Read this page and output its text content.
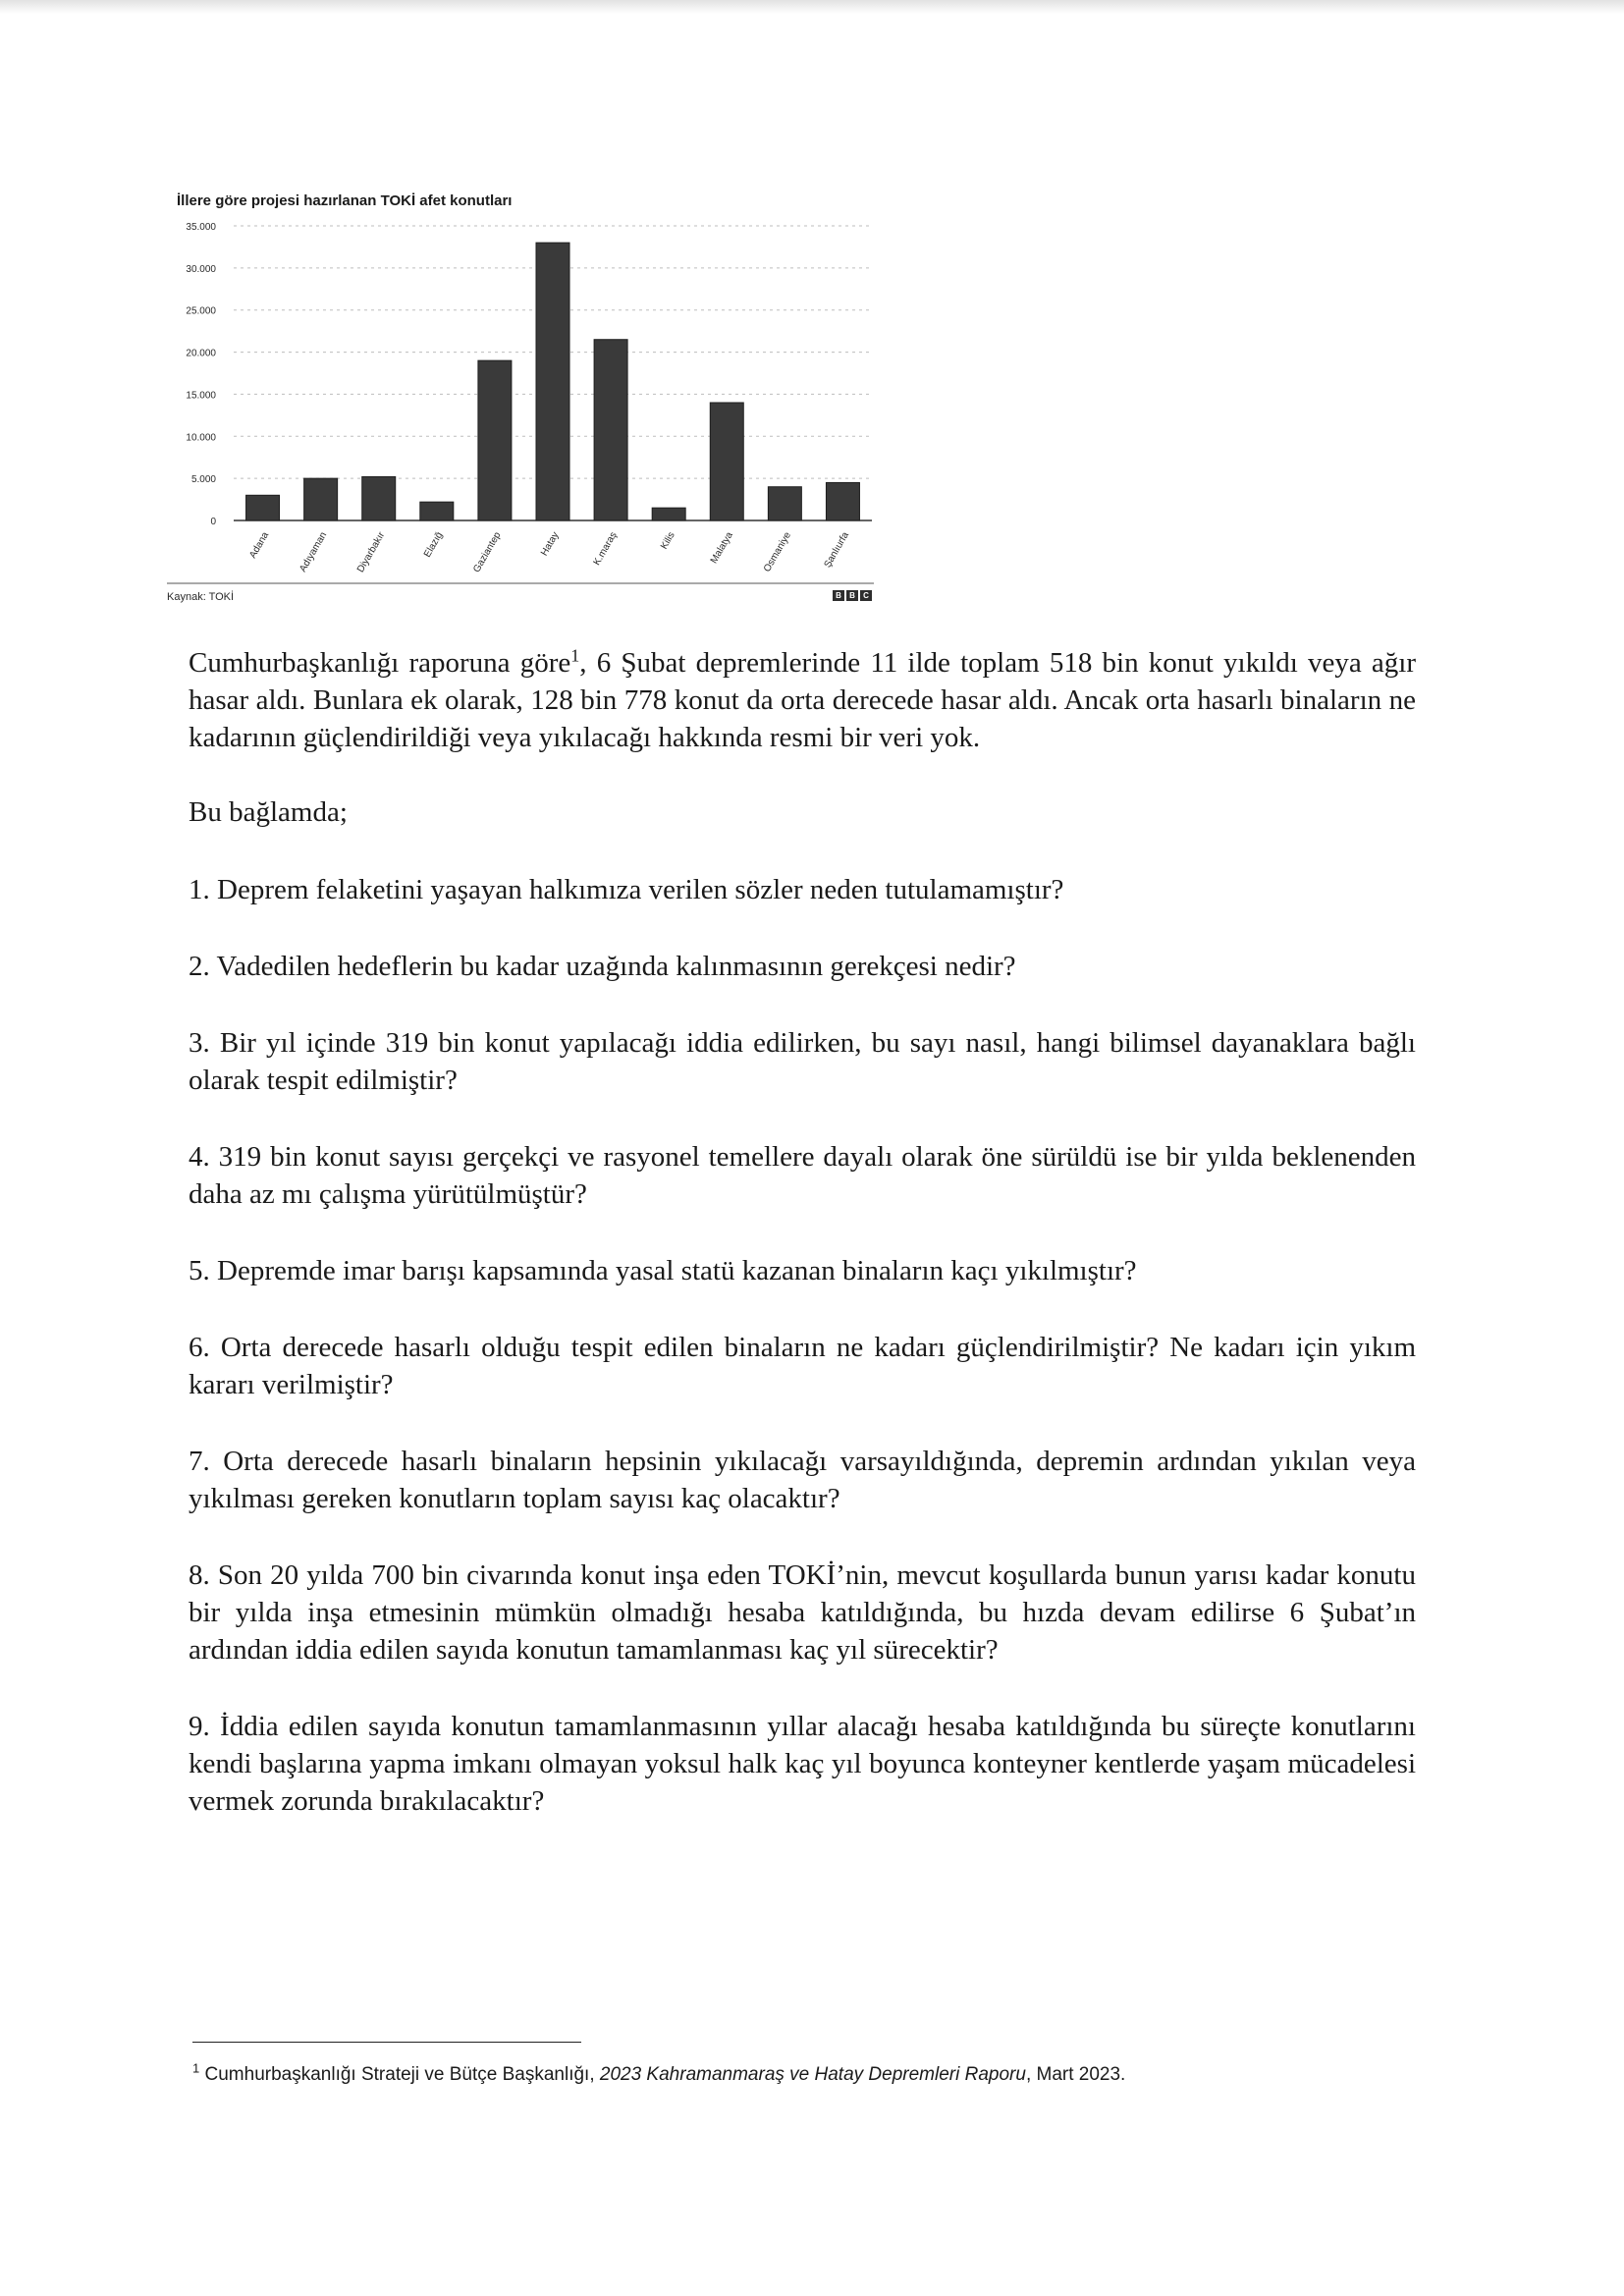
İllere göre projesi hazırlanan TOKİ afet konutları
0
5.000
10.000
15.000
20.000
25.000
30.000
35.000
Adana	Adıyaman	Diyarbakır	Elazığ	Gaziantep	Hatay	K.maraş	Kilis	Malatya	Osmaniye	Şanlıurfa
Kaynak: TOKİ	B	B	C

Cumhurbaşkanlığı raporuna göre$^1$, 6 Şubat depremlerinde 11 ilde toplam 518 bin konut yıkıldı veya ağır hasar aldı. Bunlara ek olarak, 128 bin 778 konut da orta derecede hasar aldı. Ancak orta hasarlı binaların ne kadarının güçlendirildiği veya yıkılacağı hakkında resmi bir veri yok.

Bu bağlamda;

1. Deprem felaketini yaşayan halkımıza verilen sözler neden tutulamamıştır?

2. Vadedilen hedeflerin bu kadar uzağında kalınmasının gerekçesi nedir?

3. Bir yıl içinde 319 bin konut yapılacağı iddia edilirken, bu sayı nasıl, hangi bilimsel dayanaklara bağlı olarak tespit edilmiştir?

4. 319 bin konut sayısı gerçekçi ve rasyonel temellere dayalı olarak öne sürüldü ise bir yılda beklenenden daha az mı çalışma yürütülmüştür?

5. Depremde imar barışı kapsamında yasal statü kazanan binaların kaçı yıkılmıştır?

6. Orta derecede hasarlı olduğu tespit edilen binaların ne kadarı güçlendirilmiştir? Ne kadarı için yıkım kararı verilmiştir?

7. Orta derecede hasarlı binaların hepsinin yıkılacağı varsayıldığında, depremin ardından yıkılan veya yıkılması gereken konutların toplam sayısı kaç olacaktır?

8. Son 20 yılda 700 bin civarında konut inşa eden TOKİ’nin, mevcut koşullarda bunun yarısı kadar konutu bir yılda inşa etmesinin mümkün olmadığı hesaba katıldığında, bu hızda devam edilirse 6 Şubat’ın ardından iddia edilen sayıda konutun tamamlanması kaç yıl sürecektir?

9. İddia edilen sayıda konutun tamamlanmasının yıllar alacağı hesaba katıldığında bu süreçte konutlarını kendi başlarına yapma imkanı olmayan yoksul halk kaç yıl boyunca konteyner kentlerde yaşam mücadelesi vermek zorunda bırakılacaktır?

$^1$ Cumhurbaşkanlığı Strateji ve Bütçe Başkanlığı, 2023 Kahramanmaraş ve Hatay Depremleri Raporu, Mart 2023.
